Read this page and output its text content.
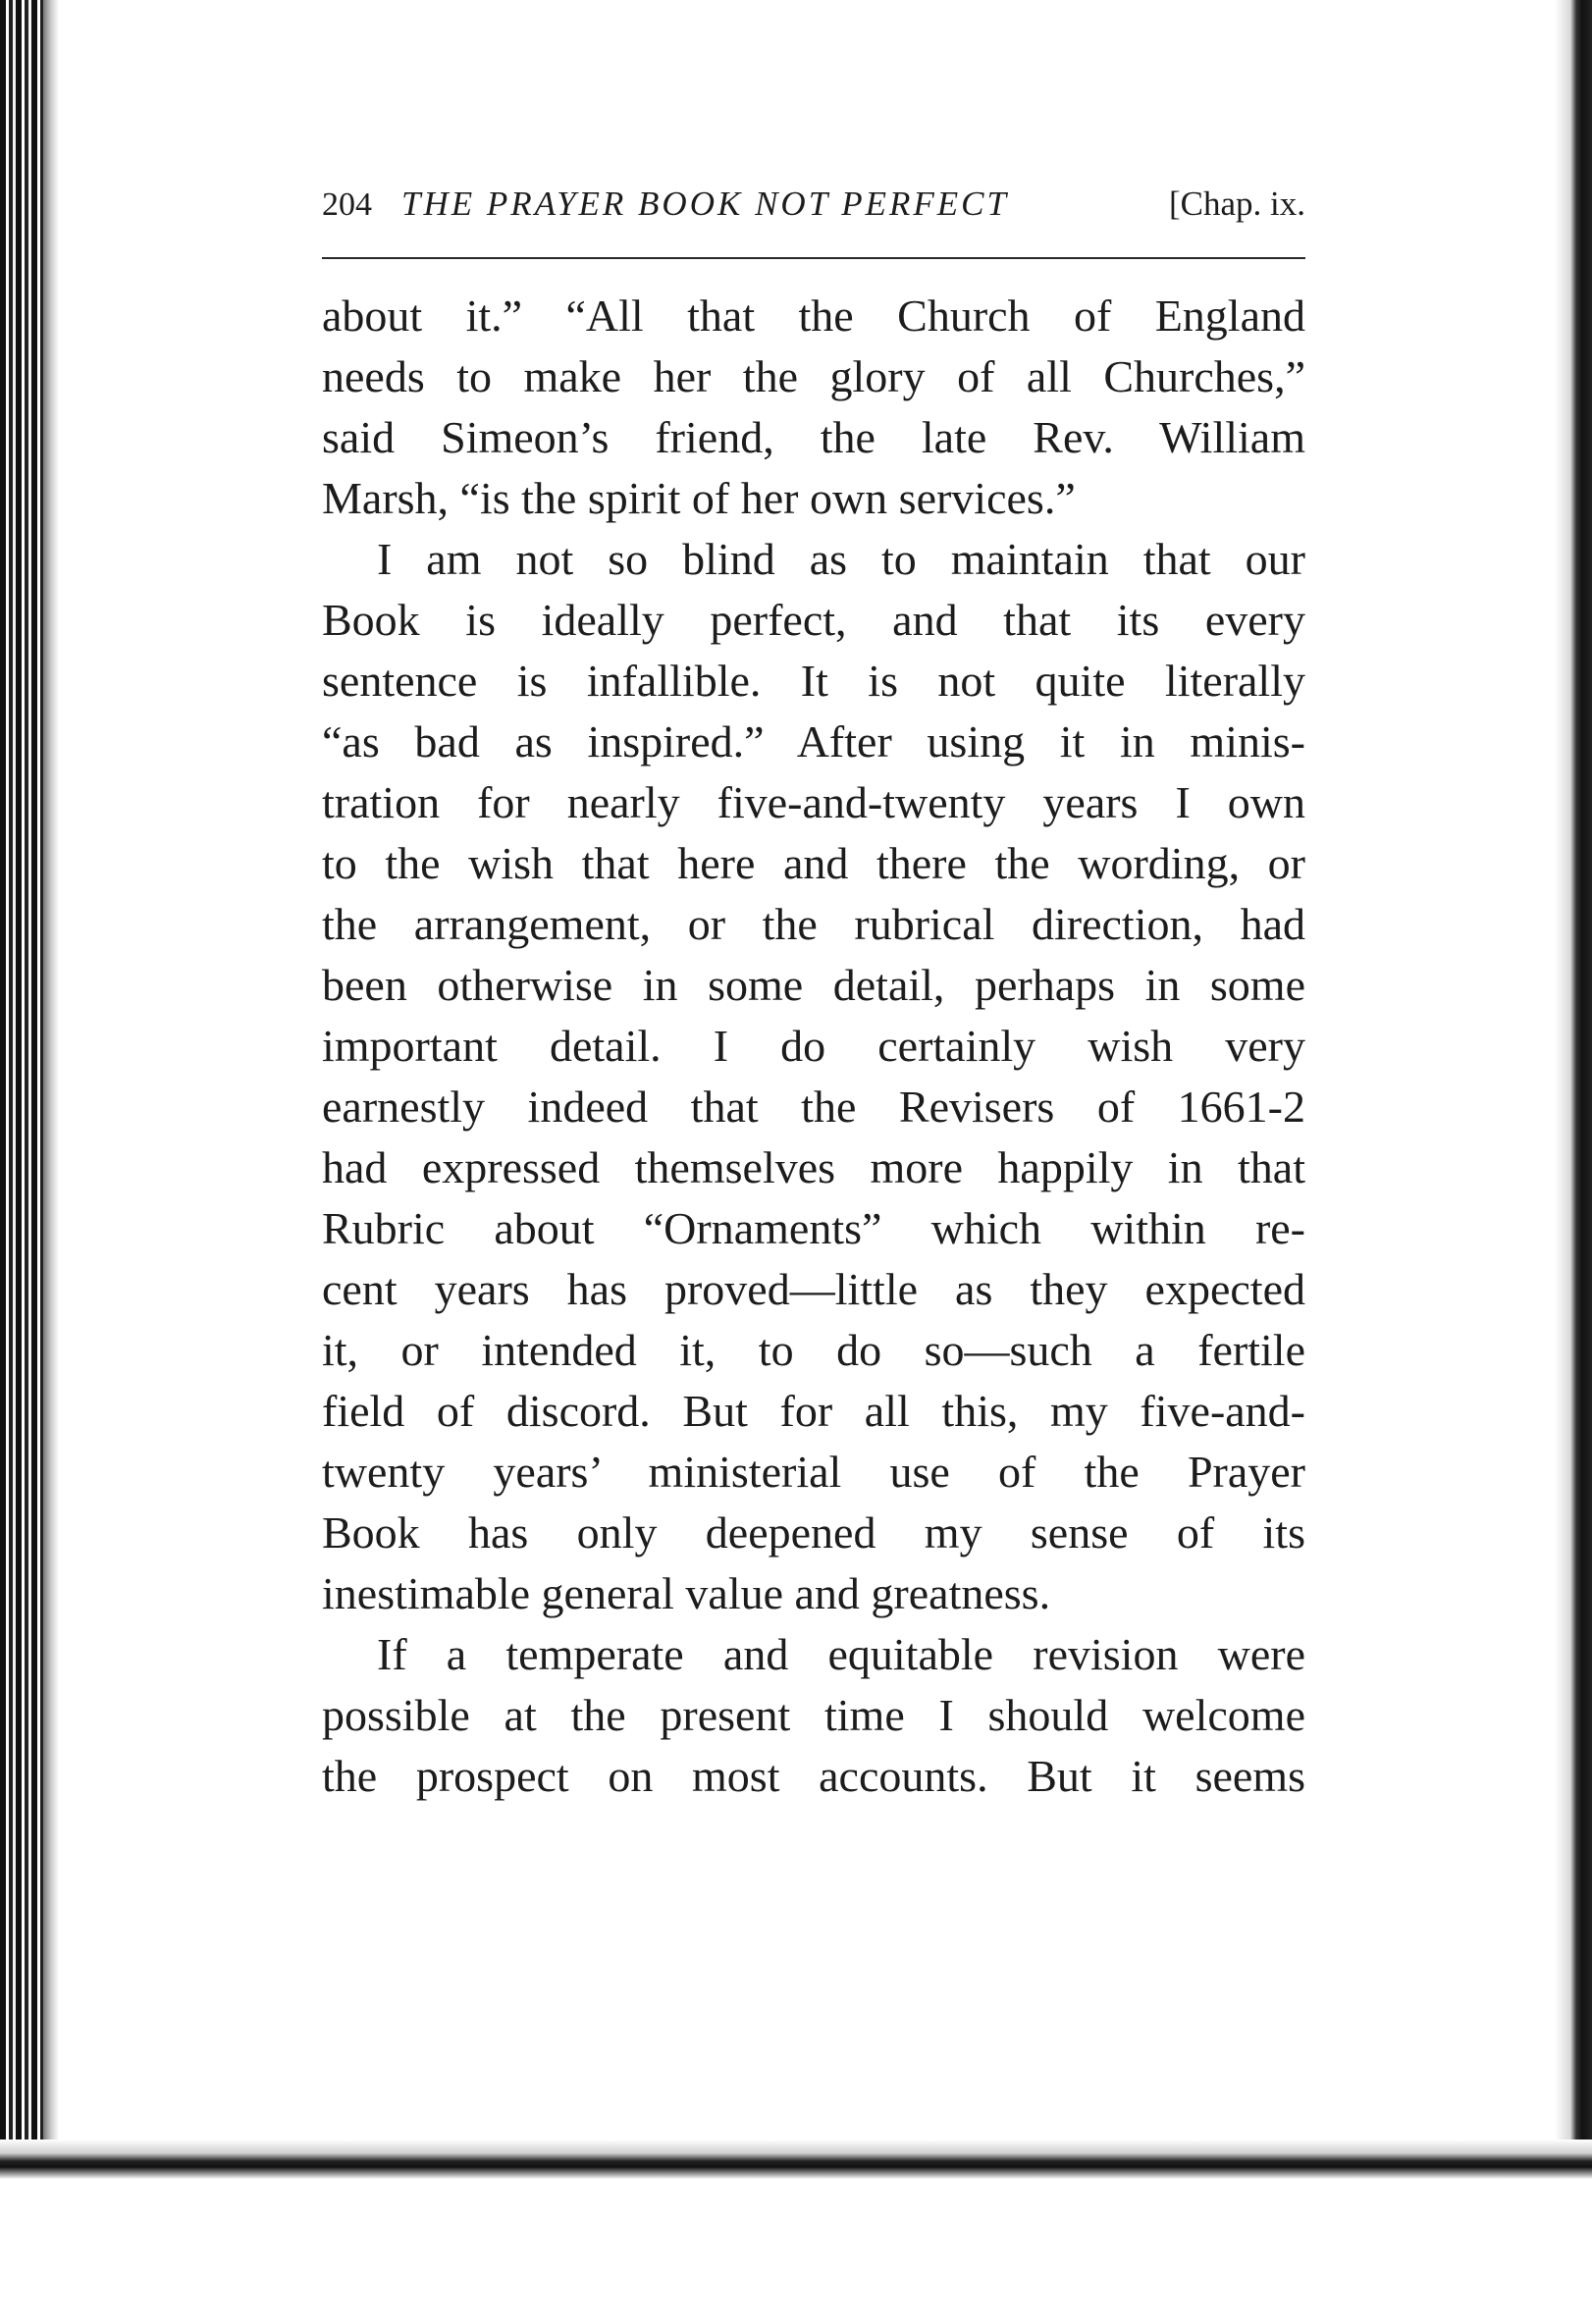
204 THE PRAYER BOOK NOT PERFECT	[Chap. ix.
about it.” “All that the Church of England
needs to make her the glory of all Churches,”
said Simeon’s friend, the late Rev. William
Marsh, “is the spirit of her own services.”
I am not so blind as to maintain that our
Book is ideally perfect, and that its every
sentence is infallible. It is not quite literally
“as bad as inspired.” After using it in minis-
tration for nearly five-and-twenty years I own
to the wish that here and there the wording, or
the arrangement, or the rubrical direction, had
been otherwise in some detail, perhaps in some
important detail. I do certainly wish very
earnestly indeed that the Revisers of 1661-2
had expressed themselves more happily in that
Rubric about “Ornaments” which within re-
cent years has proved—little as they expected
it, or intended it, to do so—such a fertile
field of discord. But for all this, my five-and-
twenty years’ ministerial use of the Prayer
Book has only deepened my sense of its
inestimable general value and greatness.
If a temperate and equitable revision were
possible at the present time I should welcome
the prospect on most accounts. But it seems
